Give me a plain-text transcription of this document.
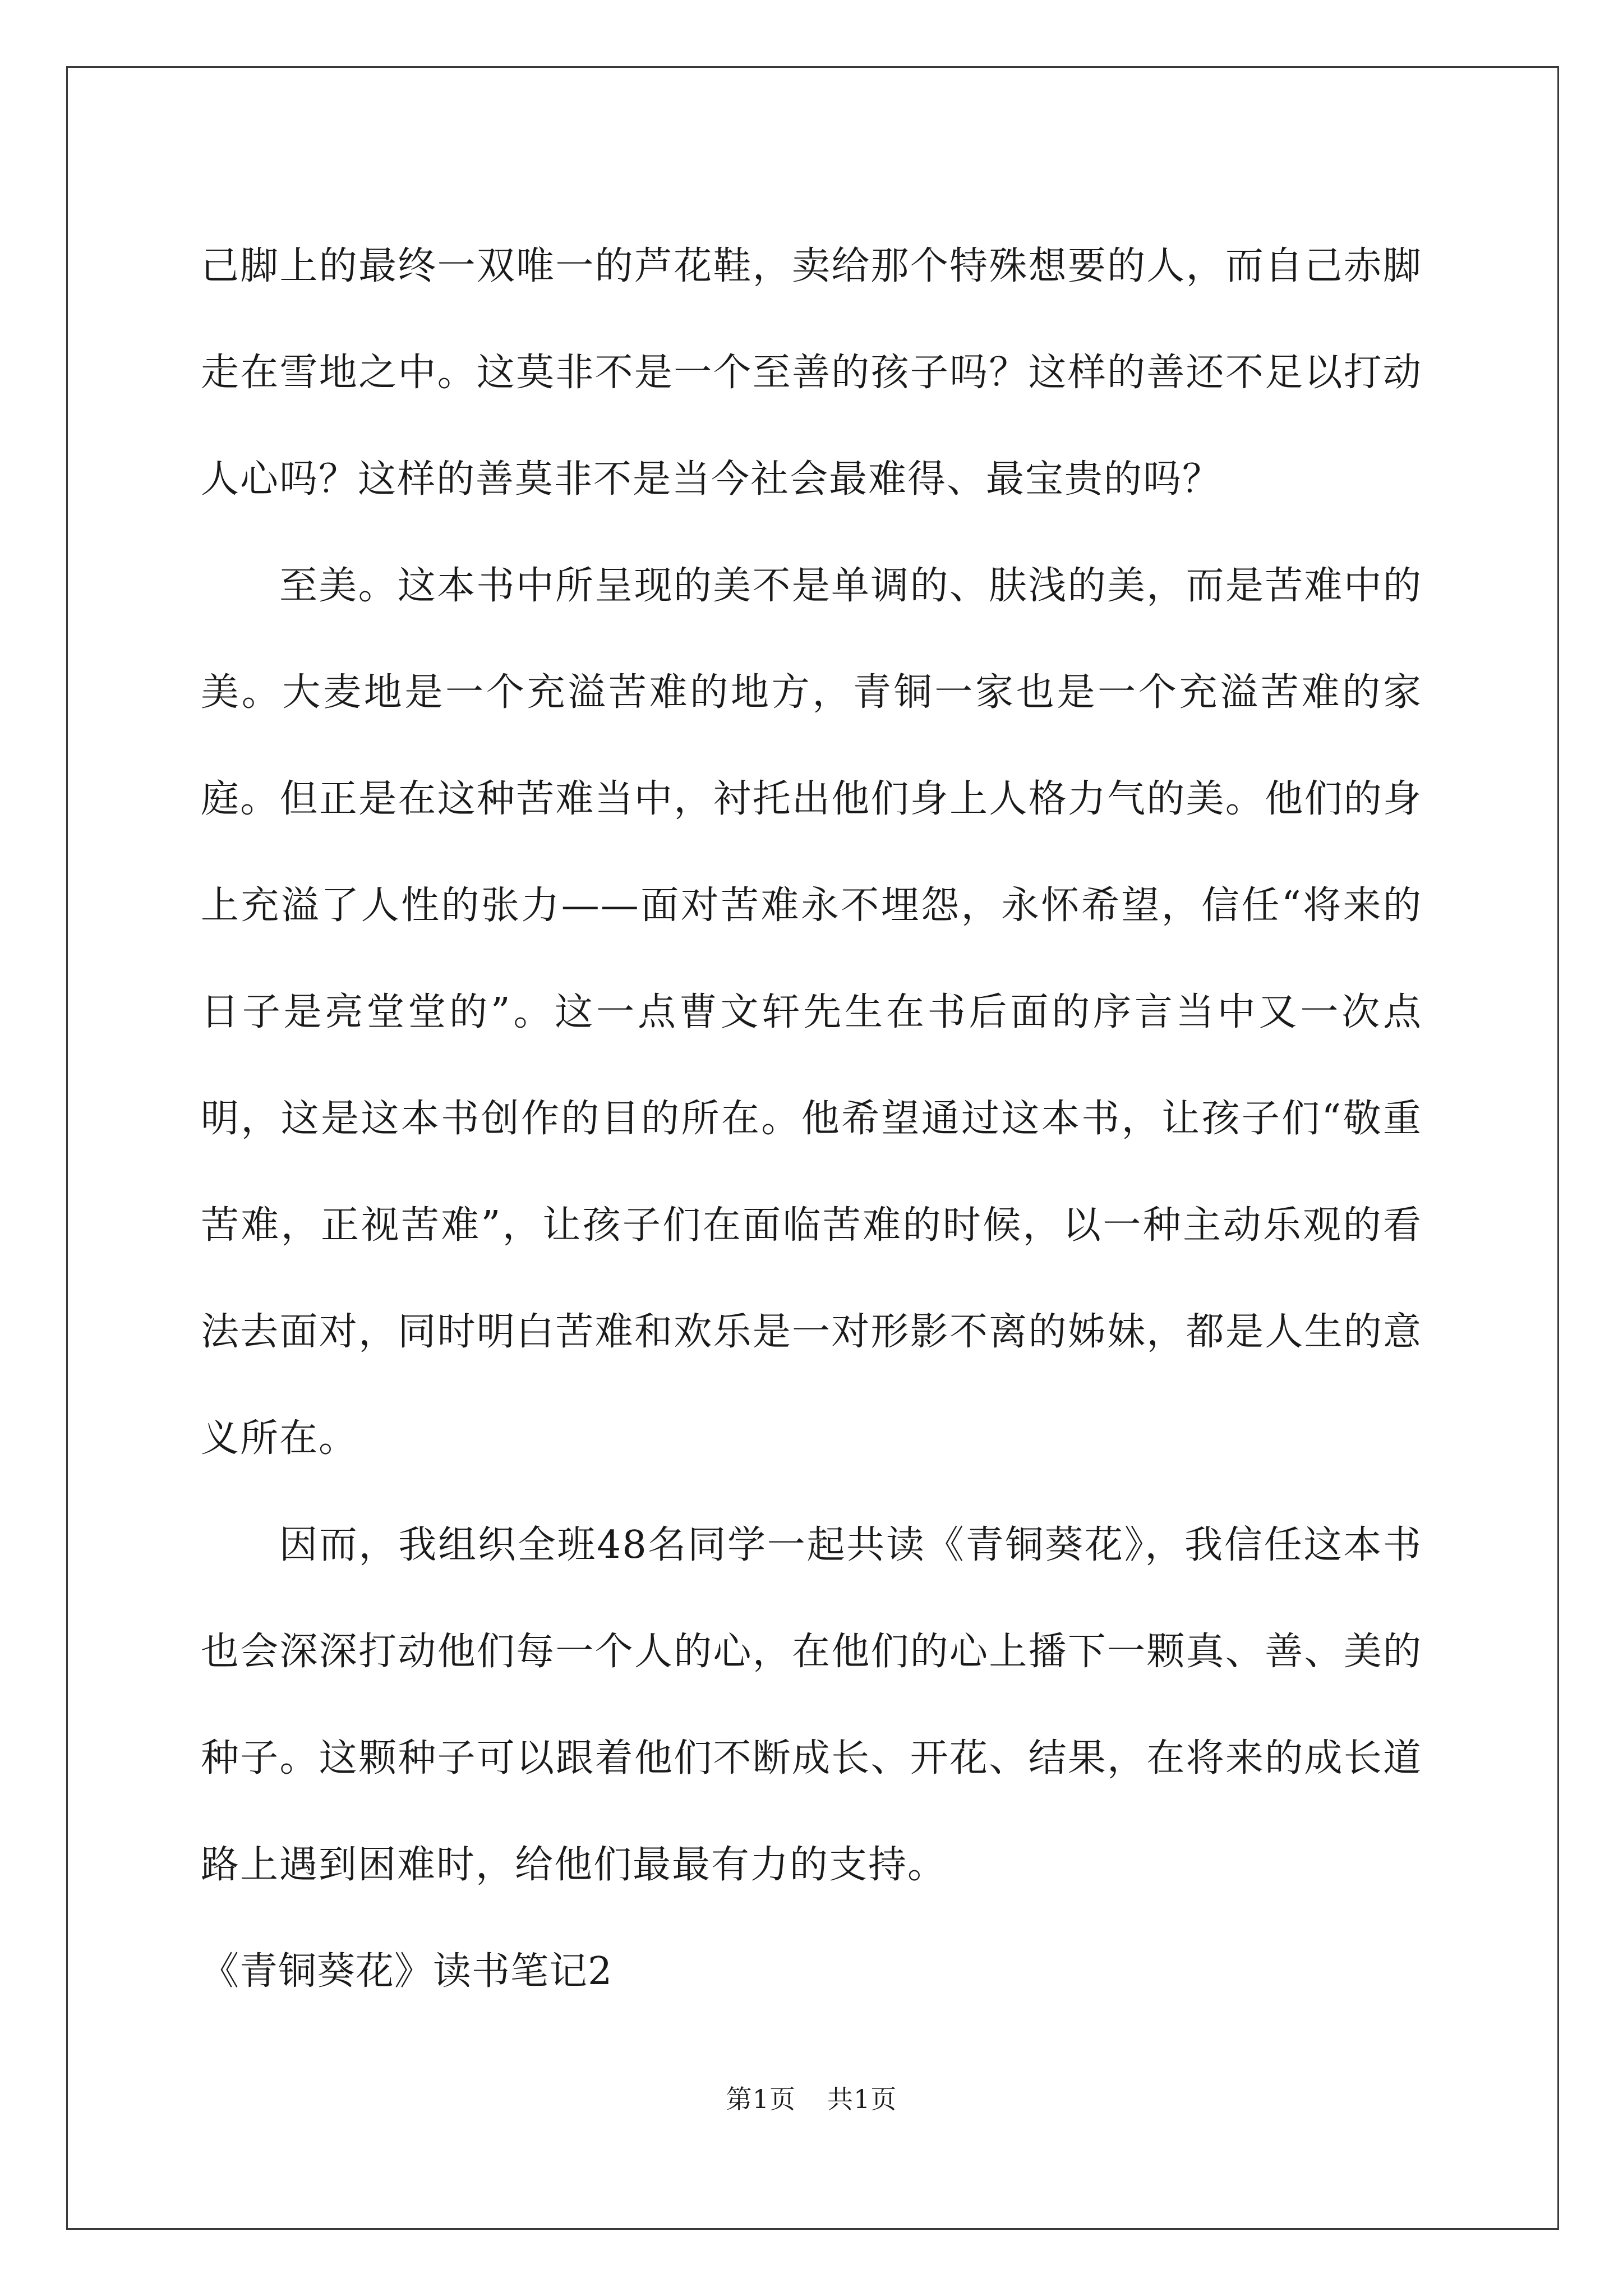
己脚上的最终一双唯一的芦花鞋，卖给那个特殊想要的人，而自己赤脚走在雪地之中。这莫非不是一个至善的孩子吗？这样的善还不足以打动人心吗？这样的善莫非不是当今社会最难得、最宝贵的吗？

至美。这本书中所呈现的美不是单调的、肤浅的美，而是苦难中的美。大麦地是一个充溢苦难的地方，青铜一家也是一个充溢苦难的家庭。但正是在这种苦难当中，衬托出他们身上人格力气的美。他们的身上充溢了人性的张力——面对苦难永不埋怨，永怀希望，信任“将来的日子是亮堂堂的”。这一点曹文轩先生在书后面的序言当中又一次点明，这是这本书创作的目的所在。他希望通过这本书，让孩子们“敬重苦难，正视苦难”，让孩子们在面临苦难的时候，以一种主动乐观的看法去面对，同时明白苦难和欢乐是一对形影不离的姊妹，都是人生的意义所在。

因而，我组织全班48名同学一起共读《青铜葵花》，我信任这本书也会深深打动他们每一个人的心，在他们的心上播下一颗真、善、美的种子。这颗种子可以跟着他们不断成长、开花、结果，在将来的成长道路上遇到困难时，给他们最最有力的支持。

《青铜葵花》读书笔记2

第1页 共1页
